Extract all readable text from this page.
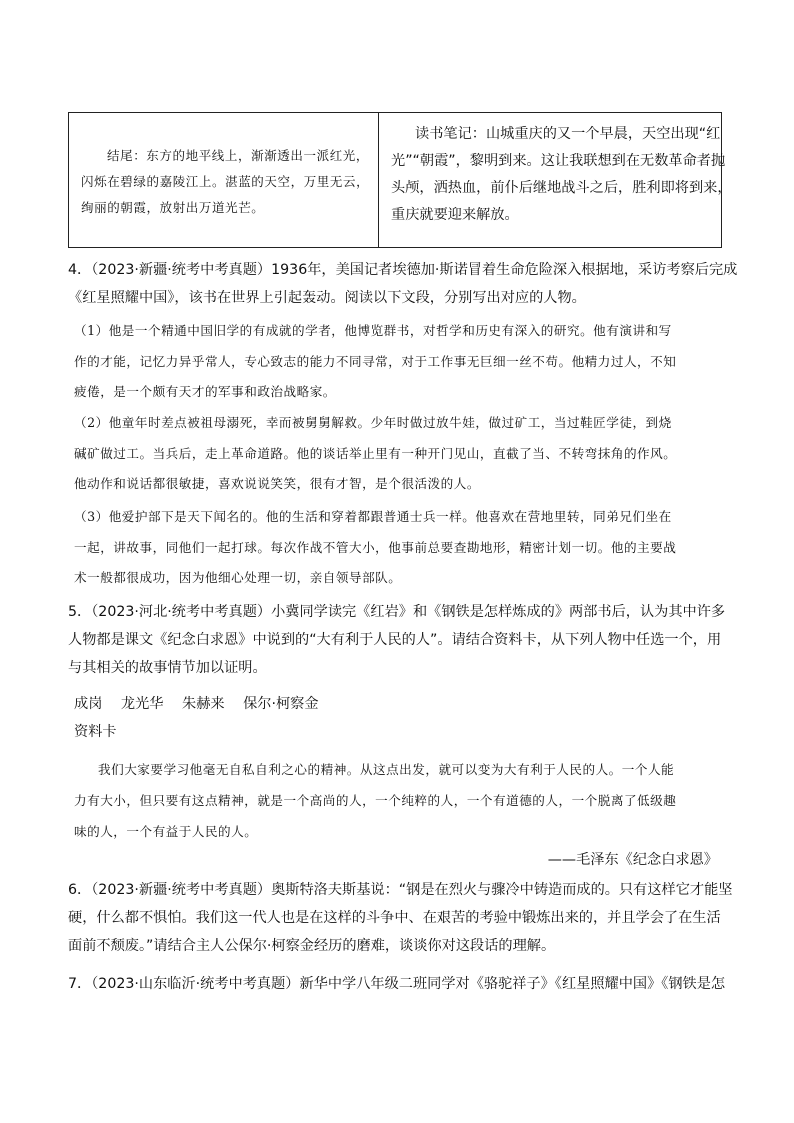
结尾：东方的地平线上，渐渐透出一派红光，
闪烁在碧绿的嘉陵江上。湛蓝的天空，万里无云，
绚丽的朝霞，放射出万道光芒。
读书笔记：山城重庆的又一个早晨，天空出现“红
光”“朝霞”，黎明到来。这让我联想到在无数革命者抛
头颅，洒热血，前仆后继地战斗之后，胜利即将到来，
重庆就要迎来解放。
4．（2023·新疆·统考中考真题）1936年，美国记者埃德加·斯诺冒着生命危险深入根据地，采访考察后完成
《红星照耀中国》，该书在世界上引起轰动。阅读以下文段，分别写出对应的人物。
（1）他是一个精通中国旧学的有成就的学者，他博览群书，对哲学和历史有深入的研究。他有演讲和写
作的才能，记忆力异乎常人，专心致志的能力不同寻常，对于工作事无巨细一丝不苟。他精力过人，不知
疲倦，是一个颇有天才的军事和政治战略家。
（2）他童年时差点被祖母溺死，幸而被舅舅解救。少年时做过放牛娃，做过矿工，当过鞋匠学徒，到烧
碱矿做过工。当兵后，走上革命道路。他的谈话举止里有一种开门见山，直截了当、不转弯抹角的作风。
他动作和说话都很敏捷，喜欢说说笑笑，很有才智，是个很活泼的人。
（3）他爱护部下是天下闻名的。他的生活和穿着都跟普通士兵一样。他喜欢在营地里转，同弟兄们坐在
一起，讲故事，同他们一起打球。每次作战不管大小，他事前总要查勘地形，精密计划一切。他的主要战
术一般都很成功，因为他细心处理一切，亲自领导部队。
5．（2023·河北·统考中考真题）小冀同学读完《红岩》和《钢铁是怎样炼成的》两部书后，认为其中许多
人物都是课文《纪念白求恩》中说到的“大有利于人民的人”。请结合资料卡，从下列人物中任选一个，用
与其相关的故事情节加以证明。
成岗 龙光华 朱赫来 保尔·柯察金
资料卡
我们大家要学习他毫无自私自利之心的精神。从这点出发，就可以变为大有利于人民的人。一个人能
力有大小，但只要有这点精神，就是一个高尚的人，一个纯粹的人，一个有道德的人，一个脱离了低级趣
味的人，一个有益于人民的人。
——毛泽东《纪念白求恩》
6．（2023·新疆·统考中考真题）奥斯特洛夫斯基说：“钢是在烈火与骤冷中铸造而成的。只有这样它才能坚
硬，什么都不惧怕。我们这一代人也是在这样的斗争中、在艰苦的考验中锻炼出来的，并且学会了在生活
面前不颓废。”请结合主人公保尔·柯察金经历的磨难，谈谈你对这段话的理解。
7．（2023·山东临沂·统考中考真题）新华中学八年级二班同学对《骆驼祥子》《红星照耀中国》《钢铁是怎
